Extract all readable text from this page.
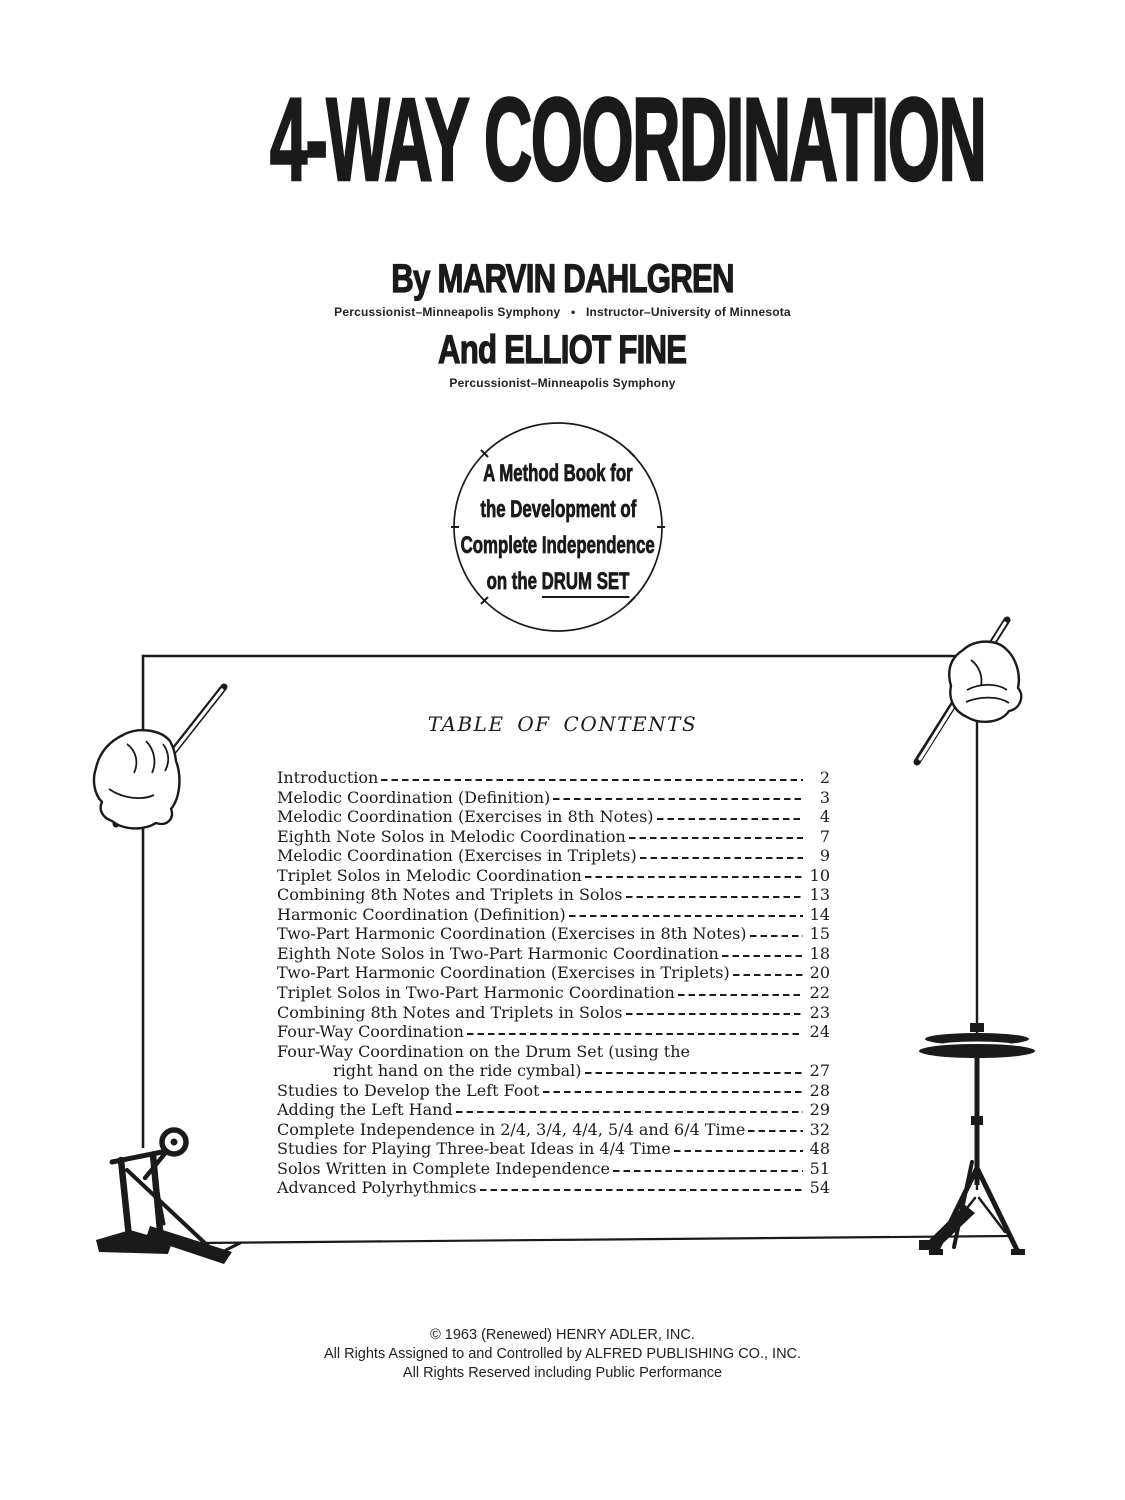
4-WAY COORDINATION
By MARVIN DAHLGREN
Percussionist–Minneapolis Symphony   •   Instructor–University of Minnesota
And ELLIOT FINE
Percussionist–Minneapolis Symphony
A Method Book for
the Development of
Complete Independence
on the DRUM SET
TABLE OF CONTENTS
Introduction	2
Melodic Coordination (Definition)	3
Melodic Coordination (Exercises in 8th Notes)	4
Eighth Note Solos in Melodic Coordination	7
Melodic Coordination (Exercises in Triplets)	9
Triplet Solos in Melodic Coordination	10
Combining 8th Notes and Triplets in Solos	13
Harmonic Coordination (Definition)	14
Two-Part Harmonic Coordination (Exercises in 8th Notes)	15
Eighth Note Solos in Two-Part Harmonic Coordination	18
Two-Part Harmonic Coordination (Exercises in Triplets)	20
Triplet Solos in Two-Part Harmonic Coordination	22
Combining 8th Notes and Triplets in Solos	23
Four-Way Coordination	24
Four-Way Coordination on the Drum Set (using the
right hand on the ride cymbal)	27
Studies to Develop the Left Foot	28
Adding the Left Hand	29
Complete Independence in 2/4, 3/4, 4/4, 5/4 and 6/4 Time	32
Studies for Playing Three-beat Ideas in 4/4 Time	48
Solos Written in Complete Independence	51
Advanced Polyrhythmics	54
© 1963 (Renewed) HENRY ADLER, INC.
All Rights Assigned to and Controlled by ALFRED PUBLISHING CO., INC.
All Rights Reserved including Public Performance
